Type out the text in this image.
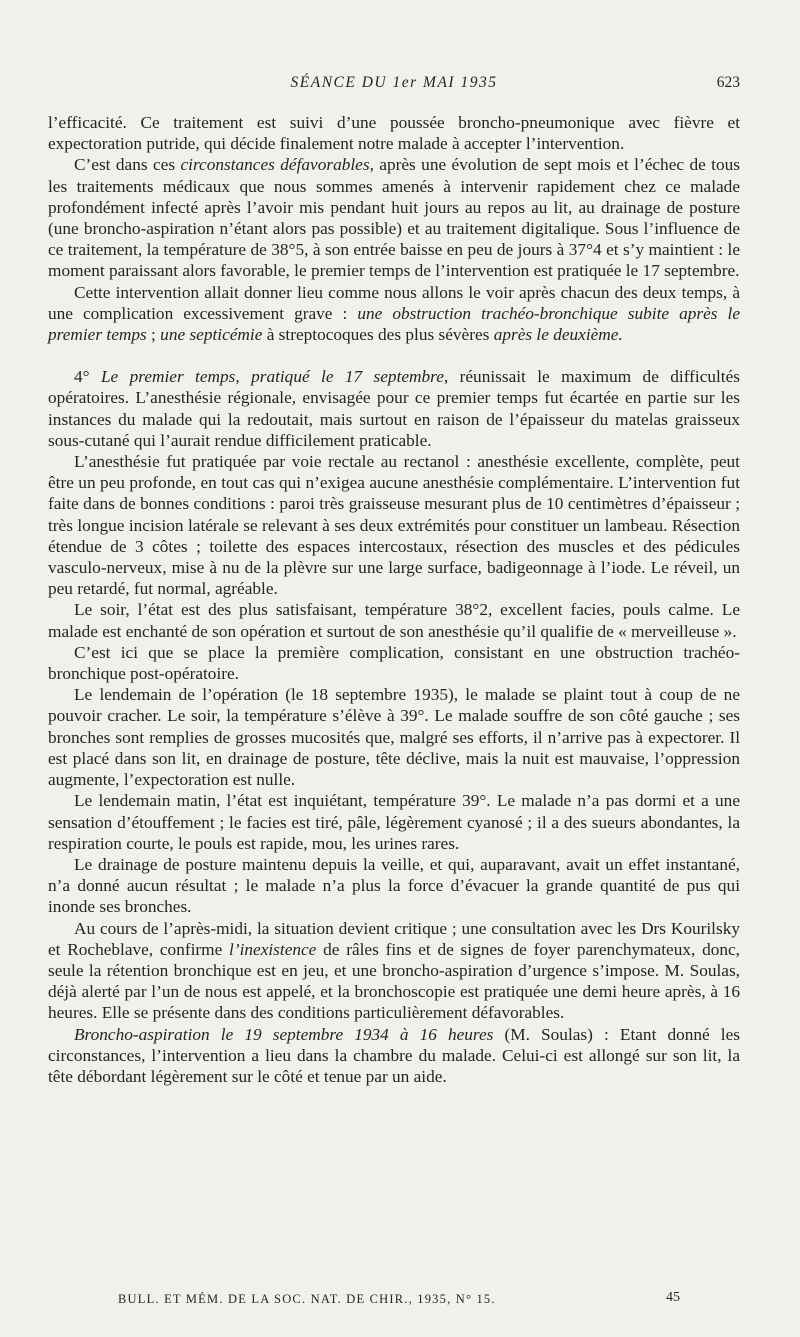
SÉANCE DU 1er MAI 1935	623

l’efficacité. Ce traitement est suivi d’une poussée broncho-pneumonique avec fièvre et expectoration putride, qui décide finalement notre malade à accepter l’intervention.

C’est dans ces circonstances défavorables, après une évolution de sept mois et l’échec de tous les traitements médicaux que nous sommes amenés à intervenir rapidement chez ce malade profondément infecté après l’avoir mis pendant huit jours au repos au lit, au drainage de posture (une broncho-aspiration n’étant alors pas possible) et au traitement digitalique. Sous l’influence de ce traitement, la température de 38°5, à son entrée baisse en peu de jours à 37°4 et s’y maintient : le moment paraissant alors favorable, le premier temps de l’intervention est pratiquée le 17 septembre.

Cette intervention allait donner lieu comme nous allons le voir après chacun des deux temps, à une complication excessivement grave : une obstruction trachéo-bronchique subite après le premier temps ; une septicémie à streptocoques des plus sévères après le deuxième.

4° Le premier temps, pratiqué le 17 septembre, réunissait le maximum de difficultés opératoires. L’anesthésie régionale, envisagée pour ce premier temps fut écartée en partie sur les instances du malade qui la redoutait, mais surtout en raison de l’épaisseur du matelas graisseux sous-cutané qui l’aurait rendue difficilement praticable.

L’anesthésie fut pratiquée par voie rectale au rectanol : anesthésie excellente, complète, peut être un peu profonde, en tout cas qui n’exigea aucune anesthésie complémentaire. L’intervention fut faite dans de bonnes conditions : paroi très graisseuse mesurant plus de 10 centimètres d’épaisseur ; très longue incision latérale se relevant à ses deux extrémités pour constituer un lambeau. Résection étendue de 3 côtes ; toilette des espaces intercostaux, résection des muscles et des pédicules vasculo-nerveux, mise à nu de la plèvre sur une large surface, badigeonnage à l’iode. Le réveil, un peu retardé, fut normal, agréable.

Le soir, l’état est des plus satisfaisant, température 38°2, excellent facies, pouls calme. Le malade est enchanté de son opération et surtout de son anesthésie qu’il qualifie de « merveilleuse ».

C’est ici que se place la première complication, consistant en une obstruction trachéo-bronchique post-opératoire.

Le lendemain de l’opération (le 18 septembre 1935), le malade se plaint tout à coup de ne pouvoir cracher. Le soir, la température s’élève à 39°. Le malade souffre de son côté gauche ; ses bronches sont remplies de grosses mucosités que, malgré ses efforts, il n’arrive pas à expectorer. Il est placé dans son lit, en drainage de posture, tête déclive, mais la nuit est mauvaise, l’oppression augmente, l’expectoration est nulle.

Le lendemain matin, l’état est inquiétant, température 39°. Le malade n’a pas dormi et a une sensation d’étouffement ; le facies est tiré, pâle, légèrement cyanosé ; il a des sueurs abondantes, la respiration courte, le pouls est rapide, mou, les urines rares.

Le drainage de posture maintenu depuis la veille, et qui, auparavant, avait un effet instantané, n’a donné aucun résultat ; le malade n’a plus la force d’évacuer la grande quantité de pus qui inonde ses bronches.

Au cours de l’après-midi, la situation devient critique ; une consultation avec les Drs Kourilsky et Rocheblave, confirme l’inexistence de râles fins et de signes de foyer parenchymateux, donc, seule la rétention bronchique est en jeu, et une broncho-aspiration d’urgence s’impose. M. Soulas, déjà alerté par l’un de nous est appelé, et la bronchoscopie est pratiquée une demi heure après, à 16 heures. Elle se présente dans des conditions particulièrement défavorables.

Broncho-aspiration le 19 septembre 1934 à 16 heures (M. Soulas) : Etant donné les circonstances, l’intervention a lieu dans la chambre du malade. Celui-ci est allongé sur son lit, la tête débordant légèrement sur le côté et tenue par un aide.

BULL. ET MÉM. DE LA SOC. NAT. DE CHIR., 1935, N° 15.	45
